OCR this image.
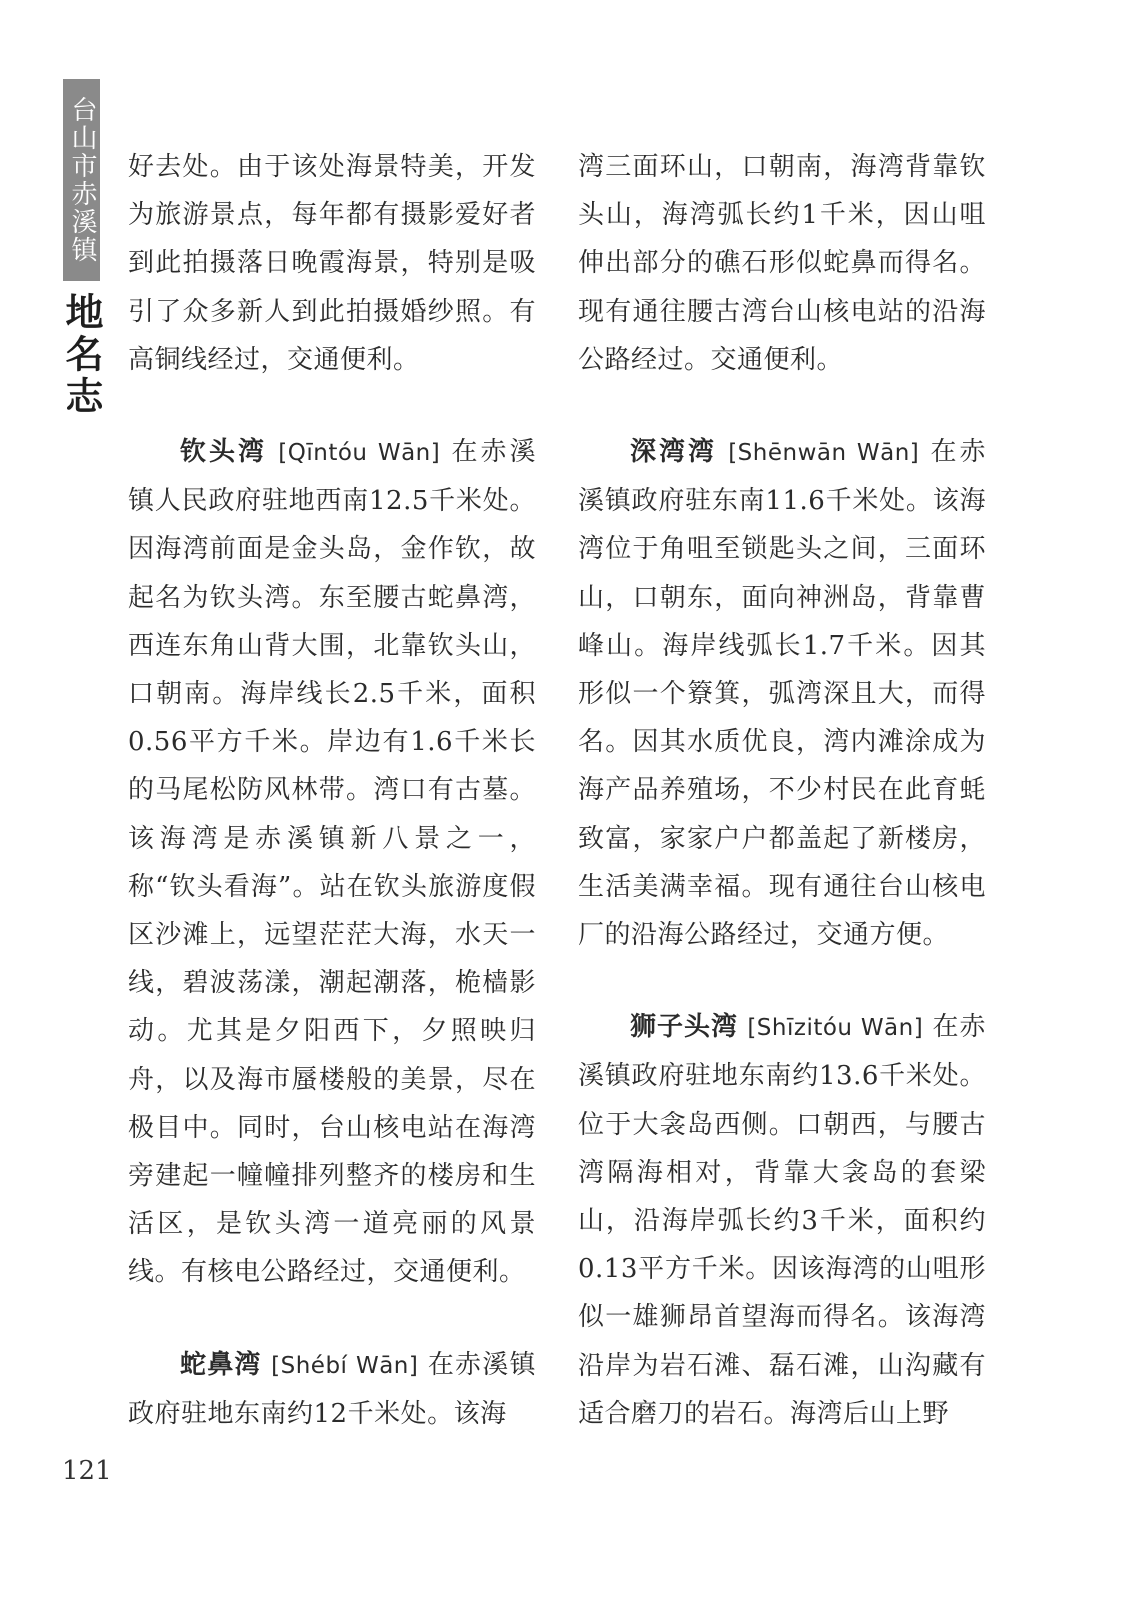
台山市赤溪镇
地名志

好去处。由于该处海景特美，开发为旅游景点，每年都有摄影爱好者到此拍摄落日晚霞海景，特别是吸引了众多新人到此拍摄婚纱照。有高铜线经过，交通便利。

钦头湾 [Qīntóu Wān] 在赤溪镇人民政府驻地西南12.5千米处。因海湾前面是金头岛，金作钦，故起名为钦头湾。东至腰古蛇鼻湾，西连东角山背大围，北靠钦头山，口朝南。海岸线长2.5千米，面积0.56平方千米。岸边有1.6千米长的马尾松防风林带。湾口有古墓。该海湾是赤溪镇新八景之一，称“钦头看海”。站在钦头旅游度假区沙滩上，远望茫茫大海，水天一线，碧波荡漾，潮起潮落，桅樯影动。尤其是夕阳西下，夕照映归舟，以及海市蜃楼般的美景，尽在极目中。同时，台山核电站在海湾旁建起一幢幢排列整齐的楼房和生活区，是钦头湾一道亮丽的风景线。有核电公路经过，交通便利。

蛇鼻湾 [Shébí Wān] 在赤溪镇政府驻地东南约12千米处。该海

湾三面环山，口朝南，海湾背靠钦头山，海湾弧长约1千米，因山咀伸出部分的礁石形似蛇鼻而得名。现有通往腰古湾台山核电站的沿海公路经过。交通便利。

深湾湾 [Shēnwān Wān] 在赤溪镇政府驻东南11.6千米处。该海湾位于角咀至锁匙头之间，三面环山，口朝东，面向神洲岛，背靠曹峰山。海岸线弧长1.7千米。因其形似一个簝箕，弧湾深且大，而得名。因其水质优良，湾内滩涂成为海产品养殖场，不少村民在此育蚝致富，家家户户都盖起了新楼房，生活美满幸福。现有通往台山核电厂的沿海公路经过，交通方便。

狮子头湾 [Shīzitóu Wān] 在赤溪镇政府驻地东南约13.6千米处。位于大衾岛西侧。口朝西，与腰古湾隔海相对，背靠大衾岛的套梁山，沿海岸弧长约3千米，面积约0.13平方千米。因该海湾的山咀形似一雄狮昂首望海而得名。该海湾沿岸为岩石滩、磊石滩，山沟藏有适合磨刀的岩石。海湾后山上野

121
